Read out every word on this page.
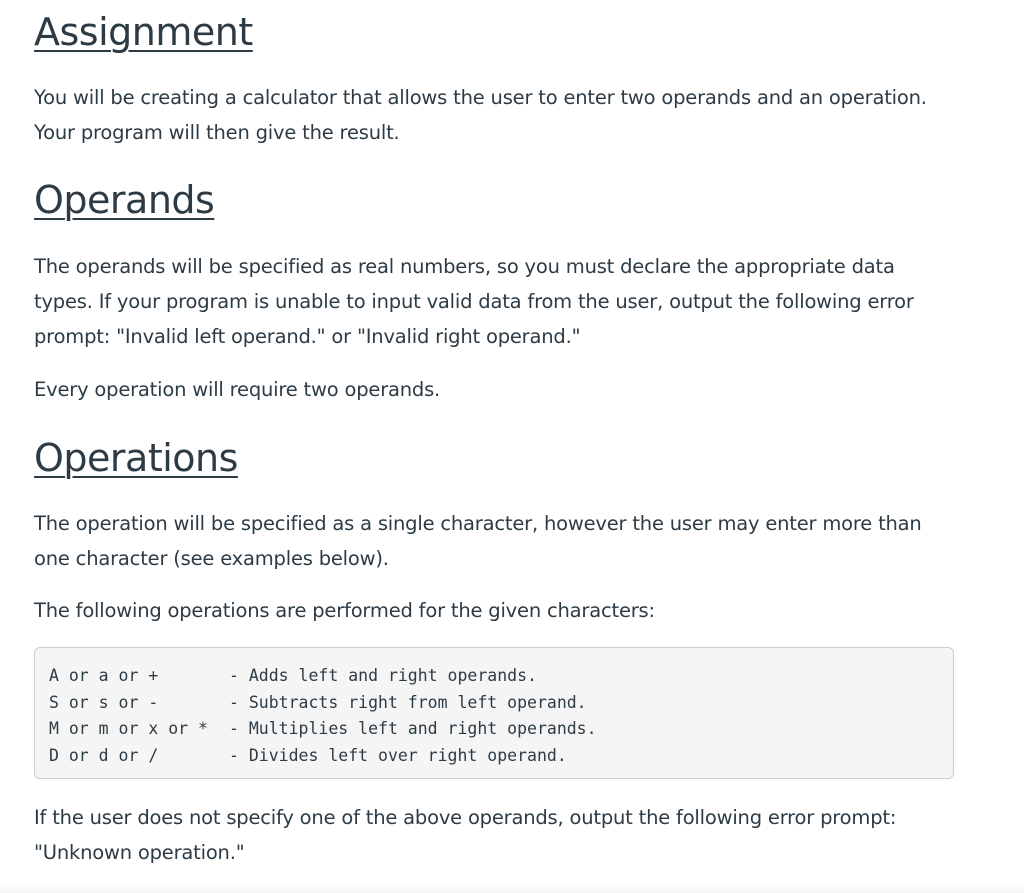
Assignment

You will be creating a calculator that allows the user to enter two operands and an operation. Your program will then give the result.

Operands

The operands will be specified as real numbers, so you must declare the appropriate data types. If your program is unable to input valid data from the user, output the following error prompt: "Invalid left operand." or "Invalid right operand."

Every operation will require two operands.

Operations

The operation will be specified as a single character, however the user may enter more than one character (see examples below).

The following operations are performed for the given characters:

A or a or +	- Adds left and right operands.
S or s or -	- Subtracts right from left operand.
M or m or x or *	- Multiplies left and right operands.
D or d or /	- Divides left over right operand.

If the user does not specify one of the above operands, output the following error prompt: "Unknown operation."
